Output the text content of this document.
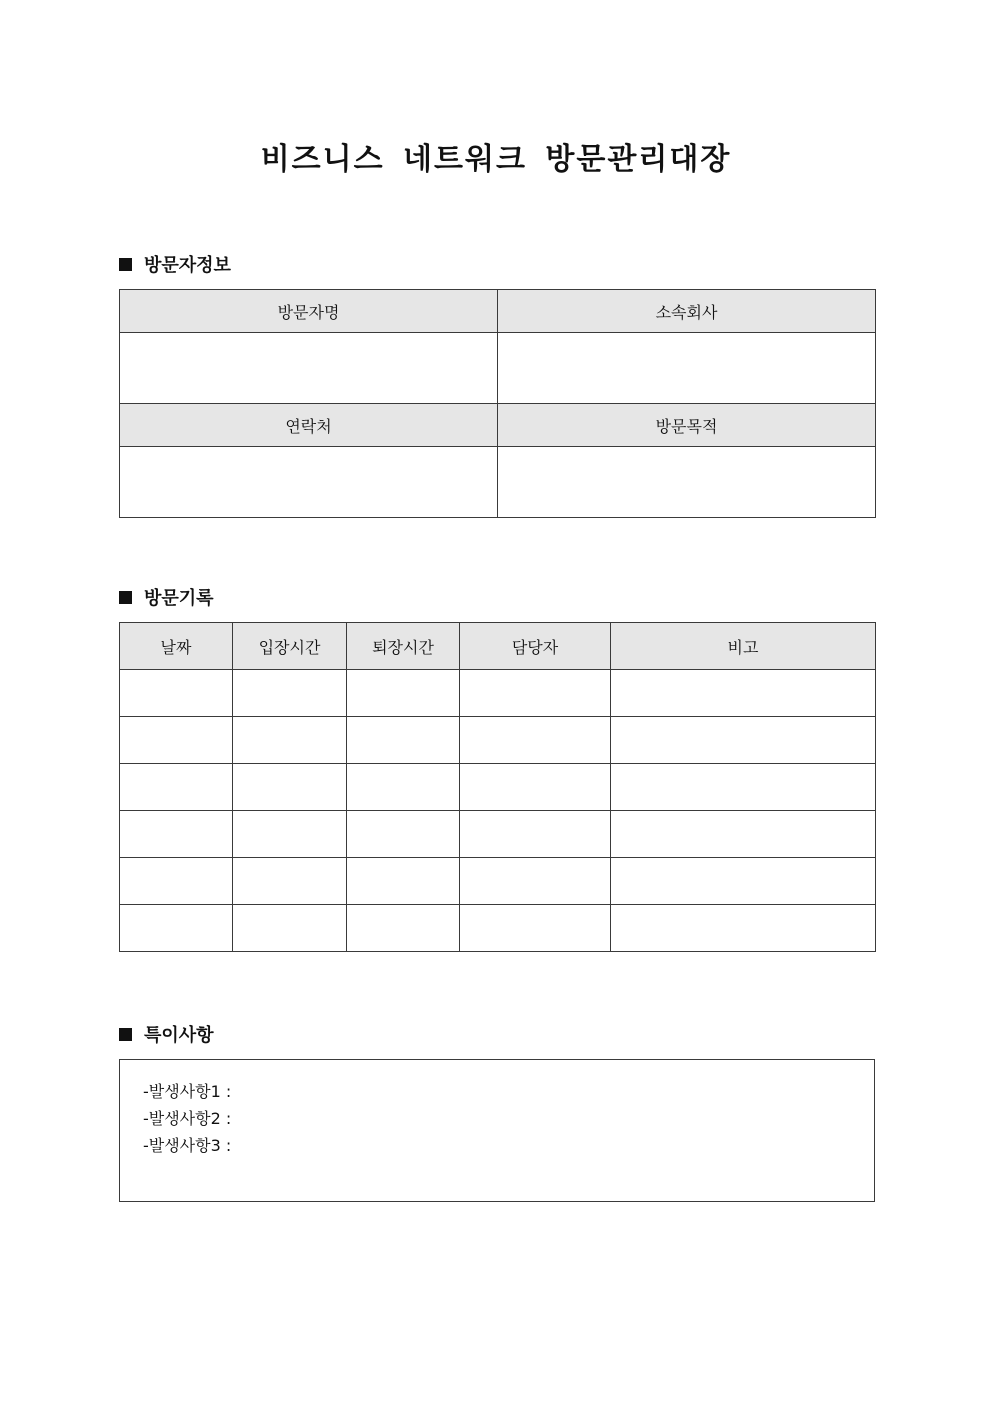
비즈니스 네트워크 방문관리대장
방문자정보
방문자명	소속회사

연락처	방문목적

방문기록
날짜	입장시간	퇴장시간	담당자	비고

특이사항
-발생사항1 :
-발생사항2 :
-발생사항3 :
